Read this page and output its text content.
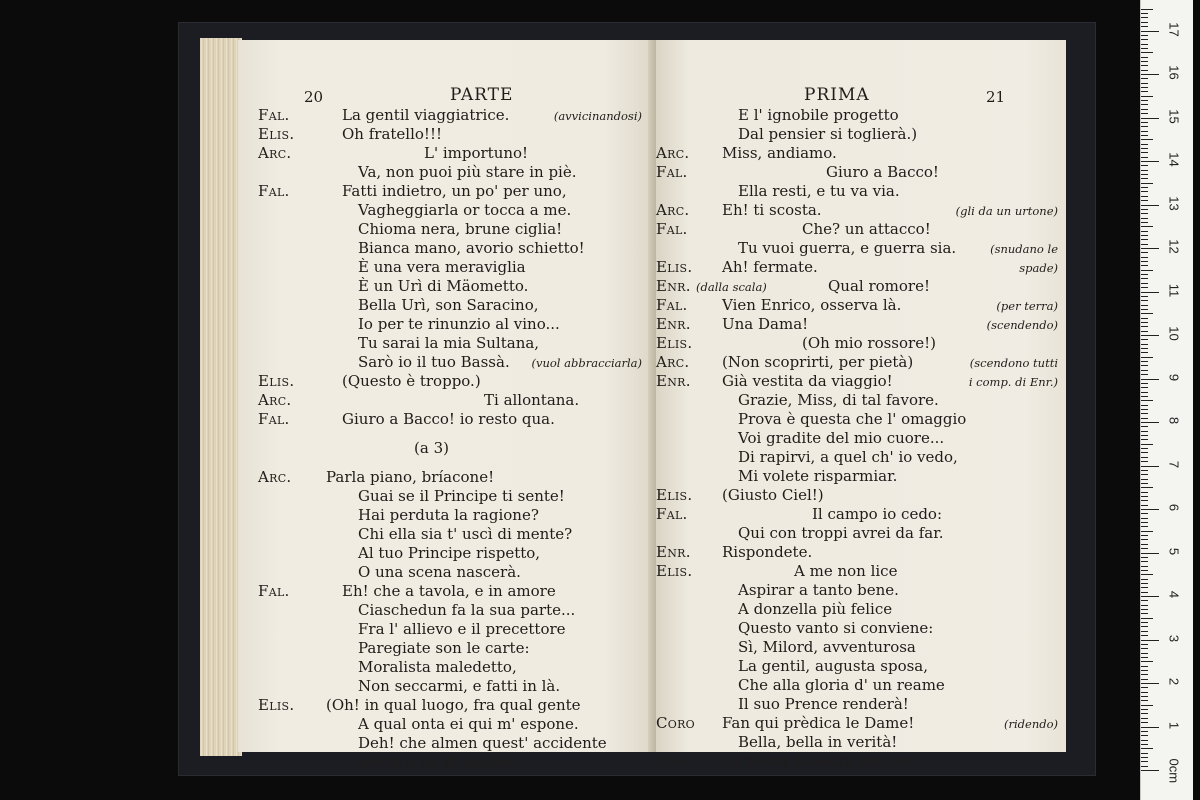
20	PARTE
Fal.	La gentil viaggiatrice.	(avvicinandosi)
Elis.	Oh fratello!!!
Arc.	L' importuno!
Va, non puoi più stare in piè.
Fal.	Fatti indietro, un po' per uno,
Vagheggiarla or tocca a me.
Chioma nera, brune ciglia!
Bianca mano, avorio schietto!
È una vera meraviglia
È un Urì di Mäometto.
Bella Urì, son Saracino,
Io per te rinunzio al vino...
Tu sarai la mia Sultana,
Sarò io il tuo Bassà. (vuol abbracciarla)
Elis.	(Questo è troppo.)
Arc.	Ti allontana.
Fal.	Giuro a Bacco! io resto qua.
(a 3)
Arc. Parla piano, bríacone!
Guai se il Principe ti sente!
Hai perduta la ragione?
Chi ella sia t' uscì di mente?
Al tuo Principe rispetto,
O una scena nascerà.
Fal.	Eh! che a tavola, e in amore
Ciaschedun fa la sua parte...
Fra l' allievo e il precettore
Paregiate son le carte:
Moralista maledetto,
Non seccarmi, e fatti in là.
Elis. (Oh! in qual luogo, fra qual gente
A qual onta ei qui m' espone.
Deh! che almen quest' accidente
Serva a lui di lezione,
PRIMA	21
E l' ignobile progetto
Dal pensier si toglierà.)
Arc. Miss, andiamo.
Fal.	Giuro a Bacco!
Ella resti, e tu va via.
Arc. Eh! ti scosta.	(gli da un urtone)
Fal.	Che? un attacco!
Tu vuoi guerra, e guerra sia.	(snudano le
Elis. Ah! fermate.	spade)
Enr.	Qual romore!
(dalla scala)
Fal. Vien Enrico, osserva là.	(per terra)
Enr. Una Dama!	(scendendo)
Elis.	(Oh mio rossore!)
Arc. (Non scoprirti, per pietà)	(scendono tutti
Enr. Già vestita da viaggio!	i comp. di Enr.)
Grazie, Miss, di tal favore.
Prova è questa che l' omaggio
Voi gradite del mio cuore...
Di rapirvi, a quel ch' io vedo,
Mi volete risparmiar.
Elis. (Giusto Ciel!)
Fal.	Il campo io cedo:
Qui con troppi avrei da far.
Enr. Rispondete.
Elis.	A me non lice
Aspirar a tanto bene.
A donzella più felice
Questo vanto si conviene:
Sì, Milord, avventurosa
La gentil, augusta sposa,
Che alla gloria d' un reame
Il suo Prence renderà!
Coro Fan qui prèdica le Dame!	(ridendo)
Bella, bella in verità!
Enr. Di moral mäestra ancora!	0cm
1
2
3
4
5
6
7
8
9
10
11
12
13
14
15
16
17
